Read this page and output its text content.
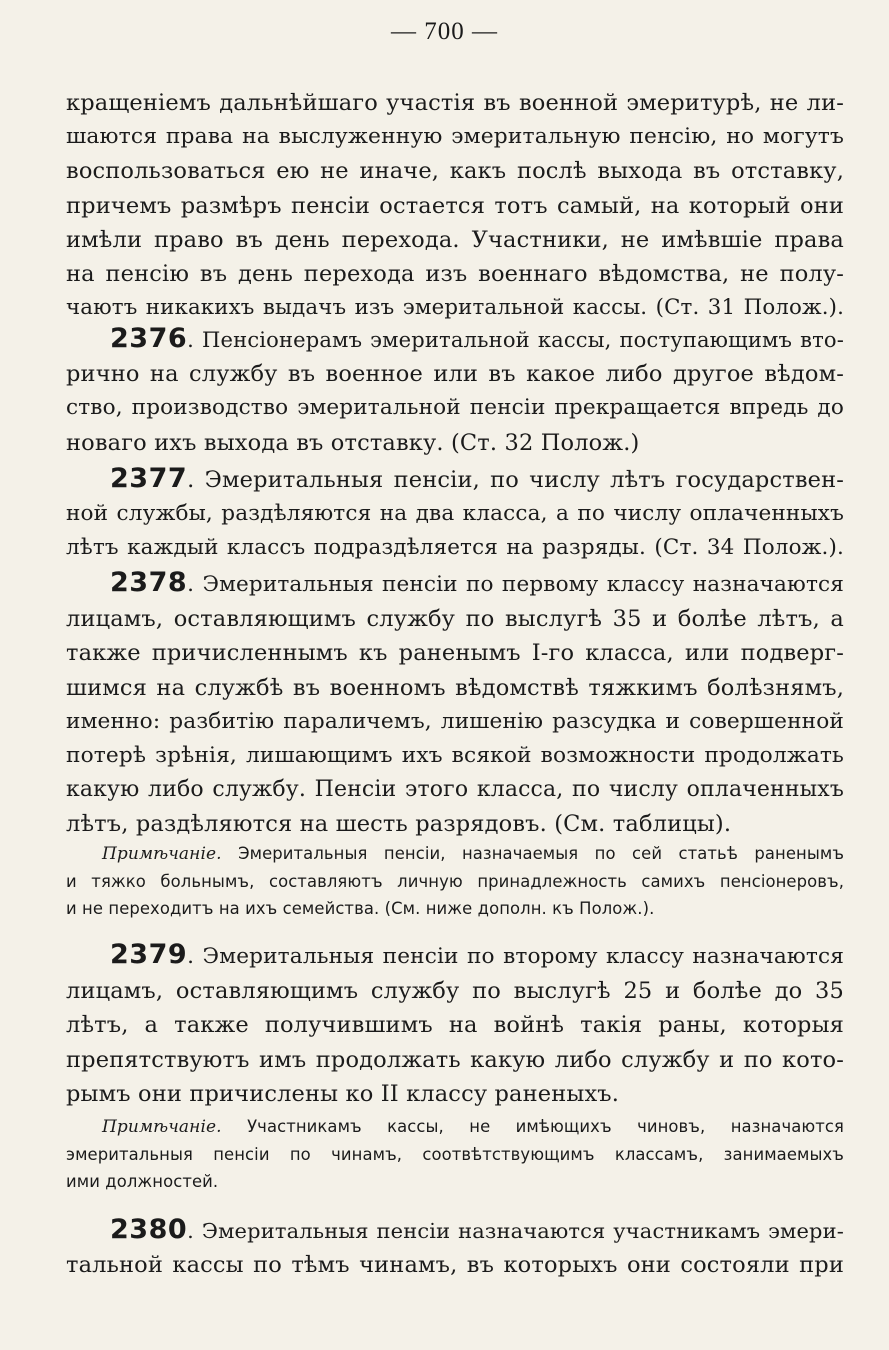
— 700 —
кращеніемъ дальнѣйшаго участія въ военной эмеритурѣ, не ли-
шаются права на выслуженную эмеритальную пенсію, но могутъ
воспользоваться ею не иначе, какъ послѣ выхода въ отставку,
причемъ размѣръ пенсіи остается тотъ самый, на который они
имѣли право въ день перехода. Участники, не имѣвшіе права
на пенсію въ день перехода изъ военнаго вѣдомства, не полу-
чаютъ никакихъ выдачъ изъ эмеритальной кассы. (Ст. 31 Полож.).
2376. Пенсіонерамъ эмеритальной кассы, поступающимъ вто-
рично на службу въ военное или въ какое либо другое вѣдом-
ство, производство эмеритальной пенсіи прекращается впредь до
новаго ихъ выхода въ отставку. (Ст. 32 Полож.)
2377. Эмеритальныя пенсіи, по числу лѣтъ государствен-
ной службы, раздѣляются на два класса, а по числу оплаченныхъ
лѣтъ каждый классъ подраздѣляется на разряды. (Ст. 34 Полож.).
2378. Эмеритальныя пенсіи по первому классу назначаются
лицамъ, оставляющимъ службу по выслугѣ 35 и болѣе лѣтъ, а
также причисленнымъ къ раненымъ I-го класса, или подверг-
шимся на службѣ въ военномъ вѣдомствѣ тяжкимъ болѣзнямъ,
именно: разбитію параличемъ, лишенію разсудка и совершенной
потерѣ зрѣнія, лишающимъ ихъ всякой возможности продолжать
какую либо службу. Пенсіи этого класса, по числу оплаченныхъ
лѣтъ, раздѣляются на шесть разрядовъ. (См. таблицы).
Примѣчаніе. Эмеритальныя пенсіи, назначаемыя по сей статьѣ раненымъ
и тяжко больнымъ, составляютъ личную принадлежность самихъ пенсіонеровъ,
и не переходитъ на ихъ семейства. (См. ниже дополн. къ Полож.).
2379. Эмеритальныя пенсіи по второму классу назначаются
лицамъ, оставляющимъ службу по выслугѣ 25 и болѣе до 35
лѣтъ, а также получившимъ на войнѣ такія раны, которыя
препятствуютъ имъ продолжать какую либо службу и по кото-
рымъ они причислены ко II классу раненыхъ.
Примѣчаніе. Участникамъ кассы, не имѣющихъ чиновъ, назначаются
эмеритальныя пенсіи по чинамъ, соотвѣтствующимъ классамъ, занимаемыхъ
ими должностей.
2380. Эмеритальныя пенсіи назначаются участникамъ эмери-
тальной кассы по тѣмъ чинамъ, въ которыхъ они состояли при
